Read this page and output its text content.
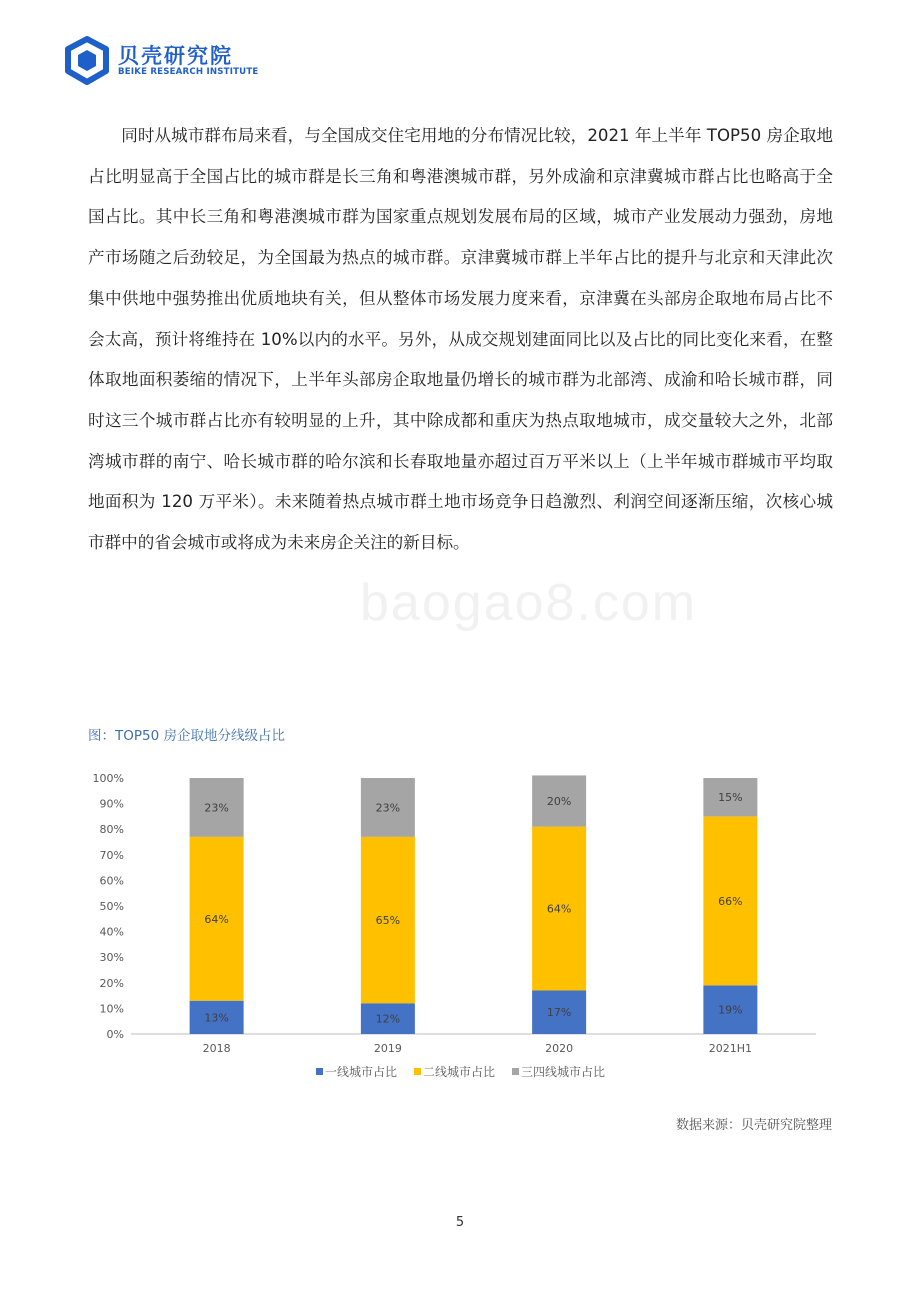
贝壳研究院
BEIKE RESEARCH INSTITUTE
baogao8.com

同时从城市群布局来看，与全国成交住宅用地的分布情况比较，2021 年上半年 TOP50 房企取地占比明显高于全国占比的城市群是长三角和粤港澳城市群，另外成渝和京津冀城市群占比也略高于全国占比。其中长三角和粤港澳城市群为国家重点规划发展布局的区域，城市产业发展动力强劲，房地产市场随之后劲较足，为全国最为热点的城市群。京津冀城市群上半年占比的提升与北京和天津此次集中供地中强势推出优质地块有关，但从整体市场发展力度来看，京津冀在头部房企取地布局占比不会太高，预计将维持在 10%以内的水平。另外，从成交规划建面同比以及占比的同比变化来看，在整体取地面积萎缩的情况下，上半年头部房企取地量仍增长的城市群为北部湾、成渝和哈长城市群，同时这三个城市群占比亦有较明显的上升，其中除成都和重庆为热点取地城市，成交量较大之外，北部湾城市群的南宁、哈长城市群的哈尔滨和长春取地量亦超过百万平米以上（上半年城市群城市平均取地面积为 120 万平米）。未来随着热点城市群土地市场竞争日趋激烈、利润空间逐渐压缩，次核心城市群中的省会城市或将成为未来房企关注的新目标。

图：TOP50 房企取地分线级占比
0%
10%
20%
30%
40%
50%
60%
70%
80%
90%
100%
13%
64%
23%
2018
12%
65%
23%
2019
17%
64%
20%
2020
19%
66%
15%
2021H1
一线城市占比 二线城市占比 三四线城市占比
数据来源：贝壳研究院整理
5
